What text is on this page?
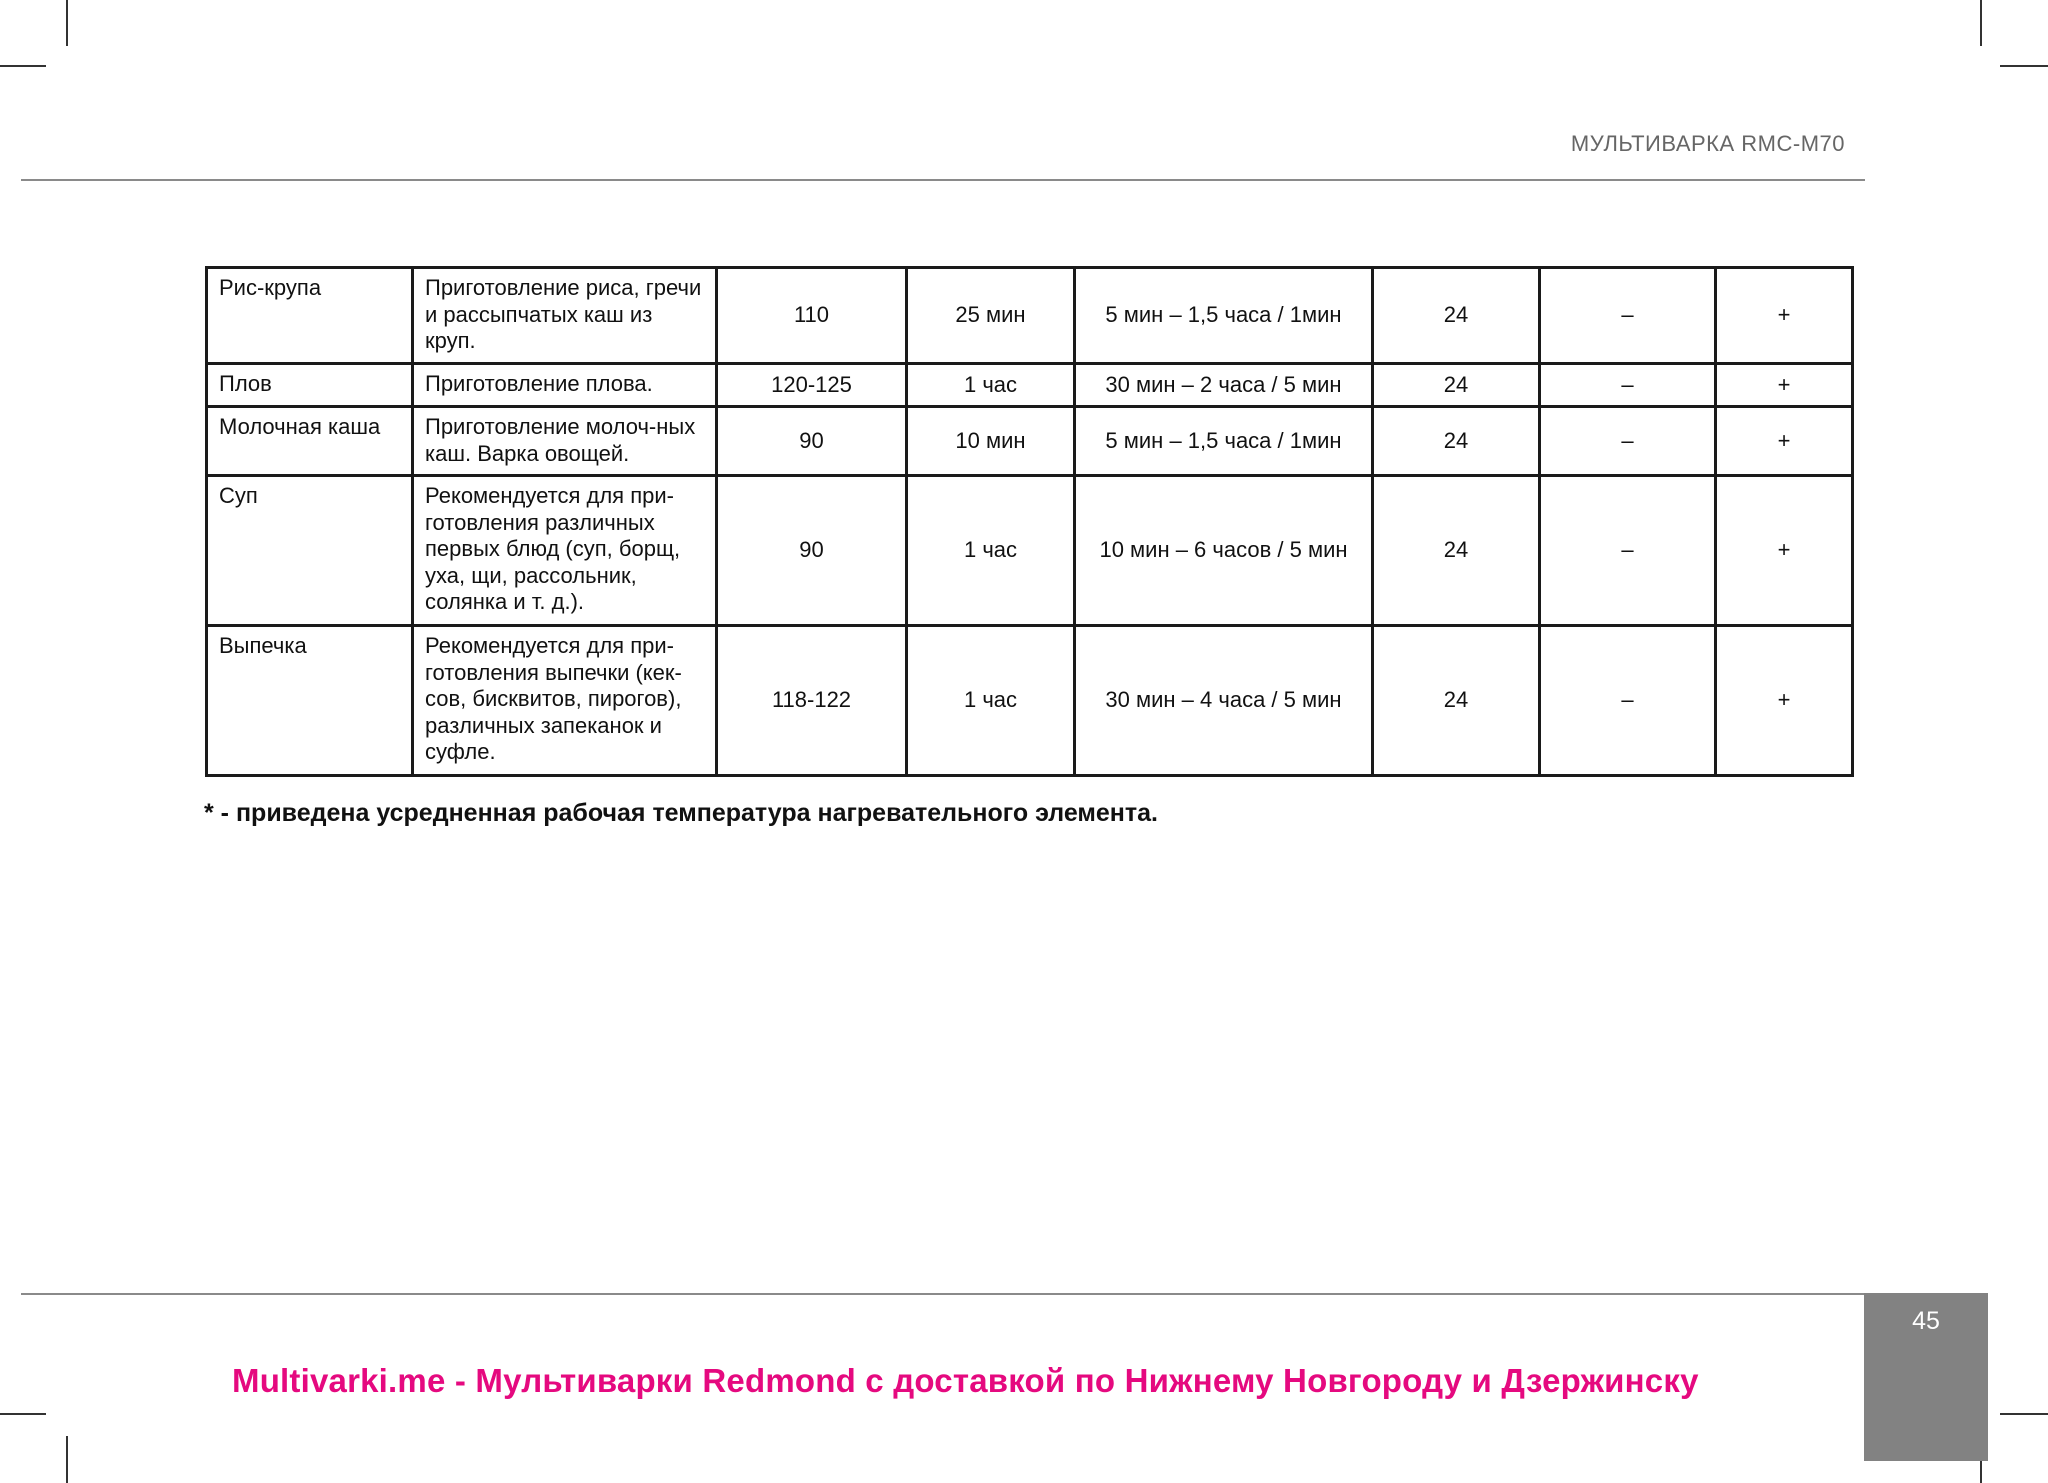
МУЛЬТИВАРКА RMC-M70
Рис-крупа	Приготовление риса, гречи и рассыпчатых каш из круп.	110	25 мин	5 мин – 1,5 часа / 1мин	24	–	+
Плов	Приготовление плова.	120-125	1 час	30 мин – 2 часа / 5 мин	24	–	+
Молочная каша	Приготовление молоч-ных каш. Варка овощей.	90	10 мин	5 мин – 1,5 часа / 1мин	24	–	+
Суп	Рекомендуется для при-готовления различных первых блюд (суп, борщ, уха, щи, рассольник, солянка и т. д.).	90	1 час	10 мин – 6 часов / 5 мин	24	–	+
Выпечка	Рекомендуется для при-готовления выпечки (кек-сов, бисквитов, пирогов), различных запеканок и суфле.	118-122	1 час	30 мин – 4 часа / 5 мин	24	–	+
* - приведена усредненная рабочая температура нагревательного элемента.
Multivarki.me - Мультиварки Redmond с доставкой по Нижнему Новгороду и Дзержинску
45
